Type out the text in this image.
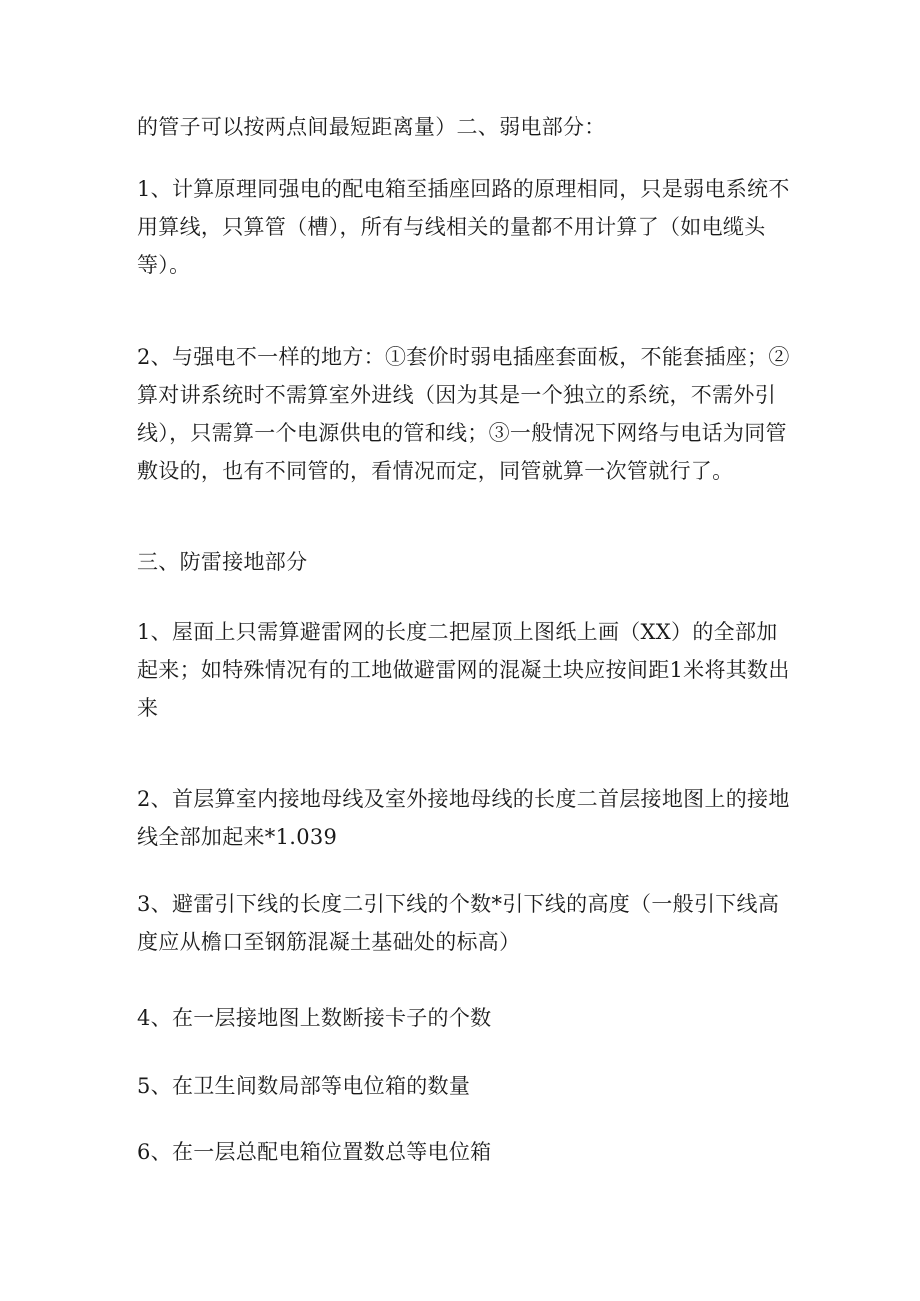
的管子可以按两点间最短距离量）二、弱电部分：

1、计算原理同强电的配电箱至插座回路的原理相同，只是弱电系统不用算线，只算管（槽），所有与线相关的量都不用计算了（如电缆头等）。

2、与强电不一样的地方：①套价时弱电插座套面板，不能套插座；②算对讲系统时不需算室外进线（因为其是一个独立的系统，不需外引线），只需算一个电源供电的管和线；③一般情况下网络与电话为同管敷设的，也有不同管的，看情况而定，同管就算一次管就行了。

三、防雷接地部分

1、屋面上只需算避雷网的长度二把屋顶上图纸上画（XX）的全部加起来；如特殊情况有的工地做避雷网的混凝土块应按间距1米将其数出来

2、首层算室内接地母线及室外接地母线的长度二首层接地图上的接地线全部加起来*1.039

3、避雷引下线的长度二引下线的个数*引下线的高度（一般引下线高度应从檐口至钢筋混凝土基础处的标高）

4、在一层接地图上数断接卡子的个数

5、在卫生间数局部等电位箱的数量

6、在一层总配电箱位置数总等电位箱
